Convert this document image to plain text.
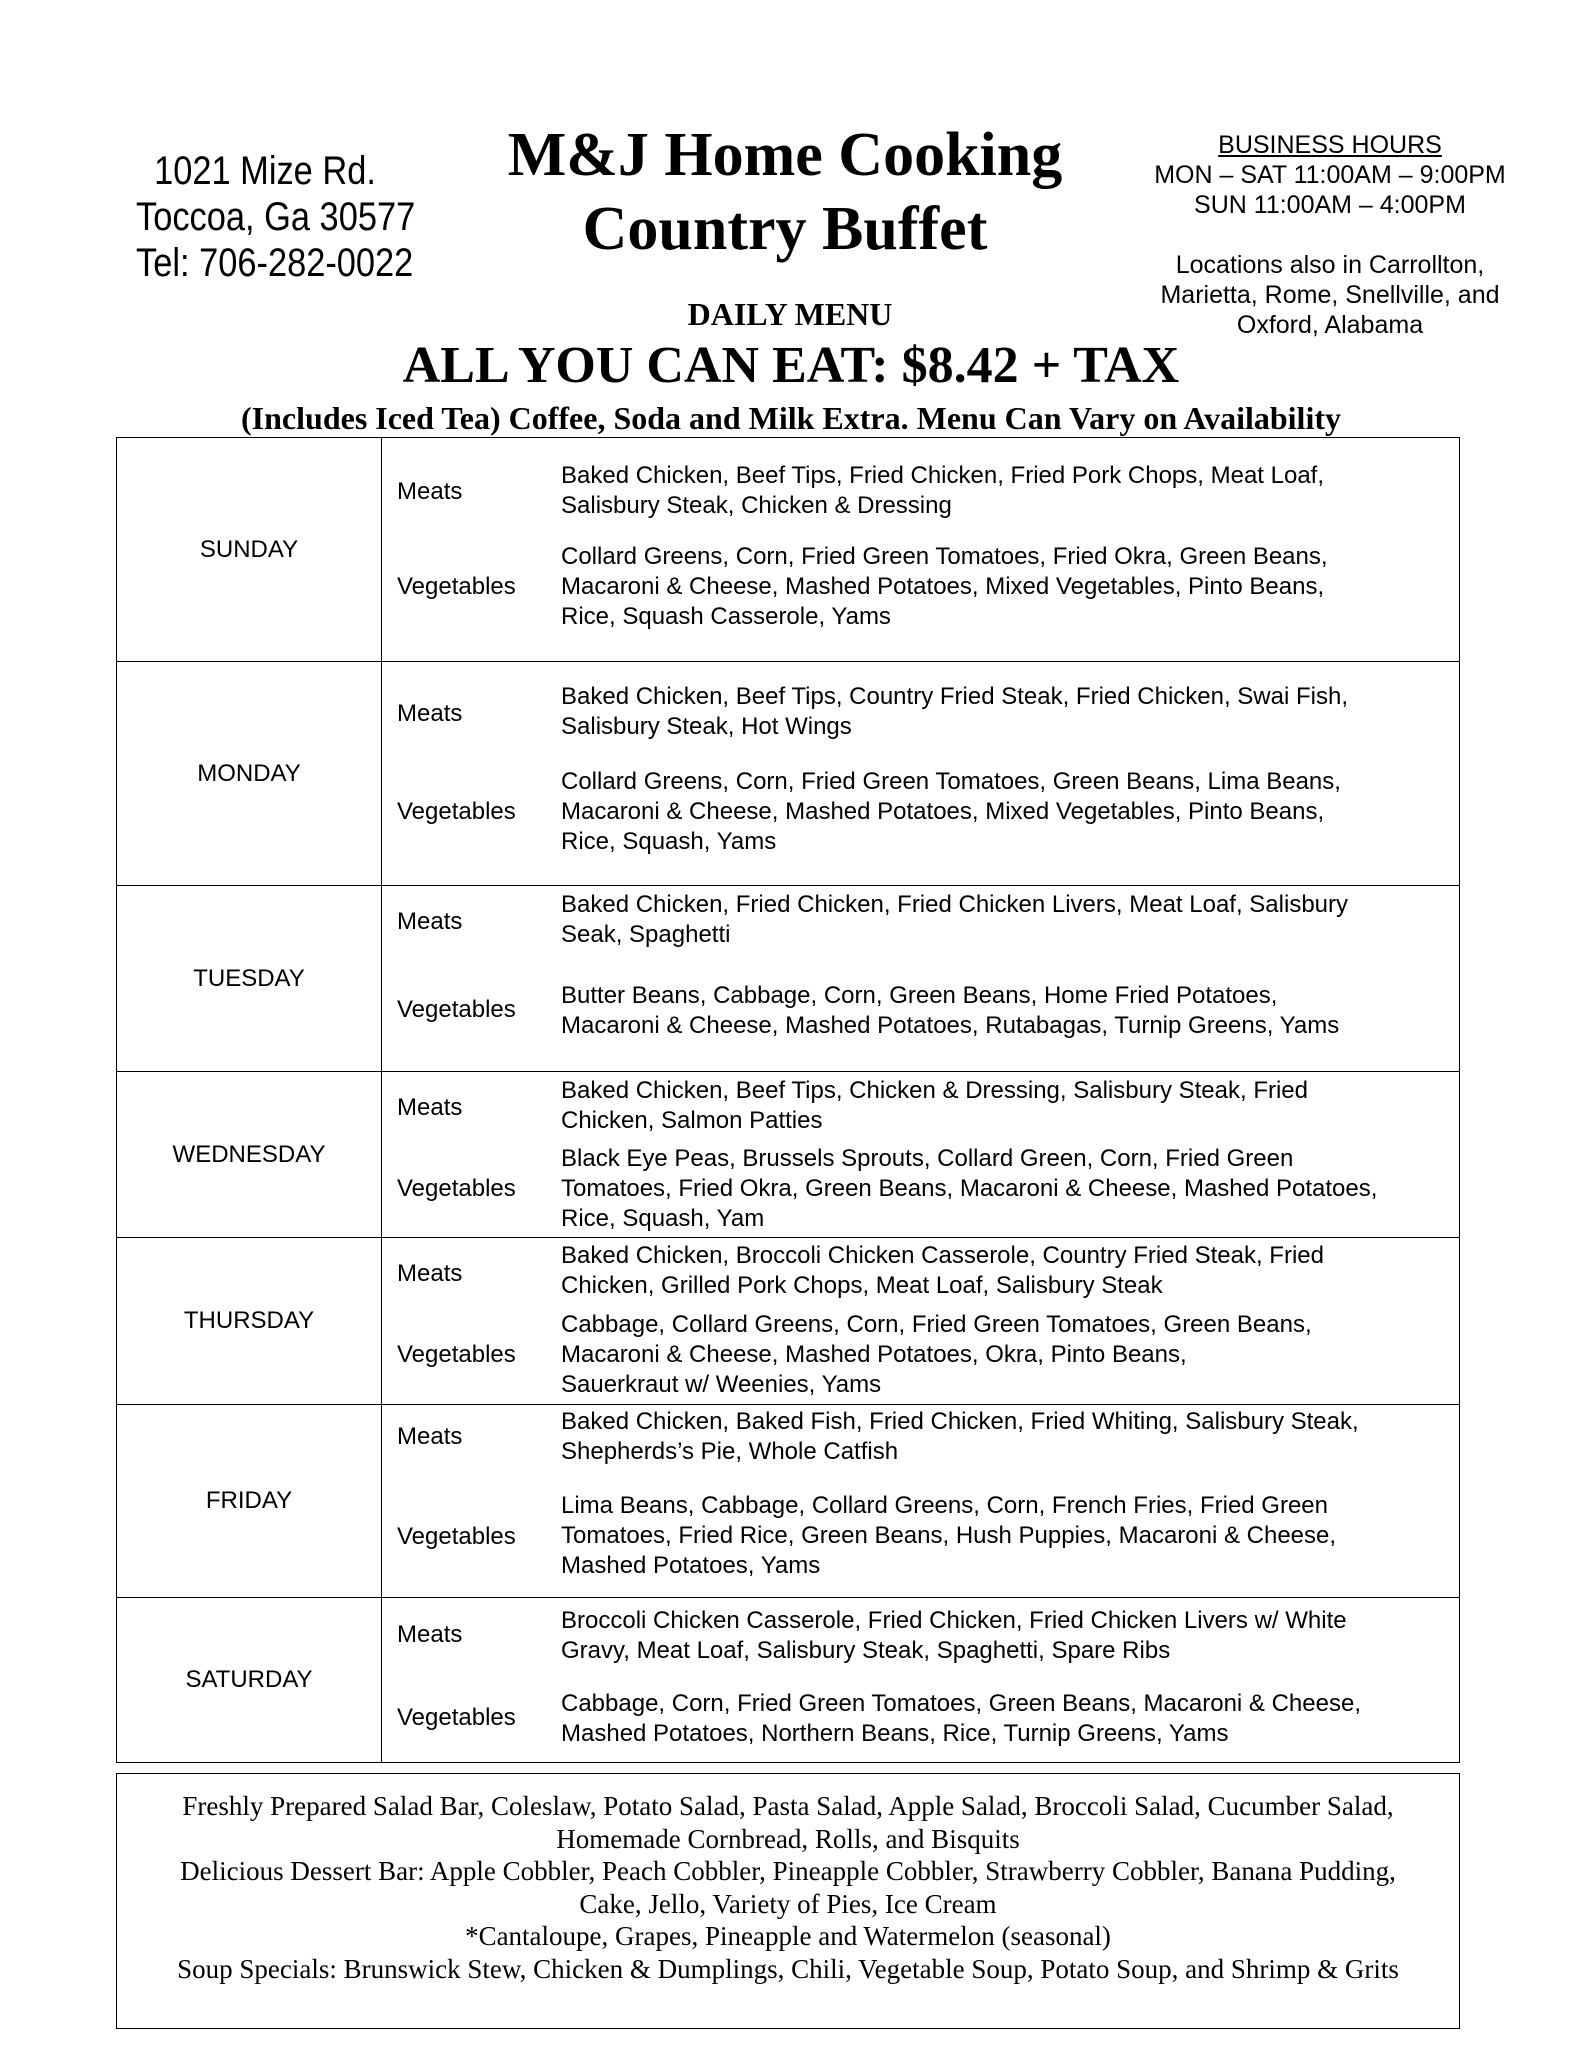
1021 Mize Rd.
Toccoa, Ga 30577
Tel: 706-282-0022
M&J Home Cooking
Country Buffet
BUSINESS HOURS
MON – SAT 11:00AM – 9:00PM
SUN 11:00AM – 4:00PM
Locations also in Carrollton,
Marietta, Rome, Snellville, and
Oxford, Alabama
DAILY MENU
ALL YOU CAN EAT: $8.42 + TAX
(Includes Iced Tea) Coffee, Soda and Milk Extra. Menu Can Vary on Availability
SUNDAY
Meats
Baked Chicken, Beef Tips, Fried Chicken, Fried Pork Chops, Meat Loaf,
Salisbury Steak, Chicken & Dressing
Vegetables
Collard Greens, Corn, Fried Green Tomatoes, Fried Okra, Green Beans,
Macaroni & Cheese, Mashed Potatoes, Mixed Vegetables, Pinto Beans,
Rice, Squash Casserole, Yams
MONDAY
Meats
Baked Chicken, Beef Tips, Country Fried Steak, Fried Chicken, Swai Fish,
Salisbury Steak, Hot Wings
Vegetables
Collard Greens, Corn, Fried Green Tomatoes, Green Beans, Lima Beans,
Macaroni & Cheese, Mashed Potatoes, Mixed Vegetables, Pinto Beans,
Rice, Squash, Yams
TUESDAY
Meats
Baked Chicken, Fried Chicken, Fried Chicken Livers, Meat Loaf, Salisbury
Seak, Spaghetti
Vegetables
Butter Beans, Cabbage, Corn, Green Beans, Home Fried Potatoes,
Macaroni & Cheese, Mashed Potatoes, Rutabagas, Turnip Greens, Yams
WEDNESDAY
Meats
Baked Chicken, Beef Tips, Chicken & Dressing, Salisbury Steak, Fried
Chicken, Salmon Patties
Vegetables
Black Eye Peas, Brussels Sprouts, Collard Green, Corn, Fried Green
Tomatoes, Fried Okra, Green Beans, Macaroni & Cheese, Mashed Potatoes,
Rice, Squash, Yam
THURSDAY
Meats
Baked Chicken, Broccoli Chicken Casserole, Country Fried Steak, Fried
Chicken, Grilled Pork Chops, Meat Loaf, Salisbury Steak
Vegetables
Cabbage, Collard Greens, Corn, Fried Green Tomatoes, Green Beans,
Macaroni & Cheese, Mashed Potatoes, Okra, Pinto Beans,
Sauerkraut w/ Weenies, Yams
FRIDAY
Meats
Baked Chicken, Baked Fish, Fried Chicken, Fried Whiting, Salisbury Steak,
Shepherds’s Pie, Whole Catfish
Vegetables
Lima Beans, Cabbage, Collard Greens, Corn, French Fries, Fried Green
Tomatoes, Fried Rice, Green Beans, Hush Puppies, Macaroni & Cheese,
Mashed Potatoes, Yams
SATURDAY
Meats
Broccoli Chicken Casserole, Fried Chicken, Fried Chicken Livers w/ White
Gravy, Meat Loaf, Salisbury Steak, Spaghetti, Spare Ribs
Vegetables
Cabbage, Corn, Fried Green Tomatoes, Green Beans, Macaroni & Cheese,
Mashed Potatoes, Northern Beans, Rice, Turnip Greens, Yams
Freshly Prepared Salad Bar, Coleslaw, Potato Salad, Pasta Salad, Apple Salad, Broccoli Salad, Cucumber Salad,
Homemade Cornbread, Rolls, and Bisquits
Delicious Dessert Bar: Apple Cobbler, Peach Cobbler, Pineapple Cobbler, Strawberry Cobbler, Banana Pudding,
Cake, Jello, Variety of Pies, Ice Cream
*Cantaloupe, Grapes, Pineapple and Watermelon (seasonal)
Soup Specials: Brunswick Stew, Chicken & Dumplings, Chili, Vegetable Soup, Potato Soup, and Shrimp & Grits
